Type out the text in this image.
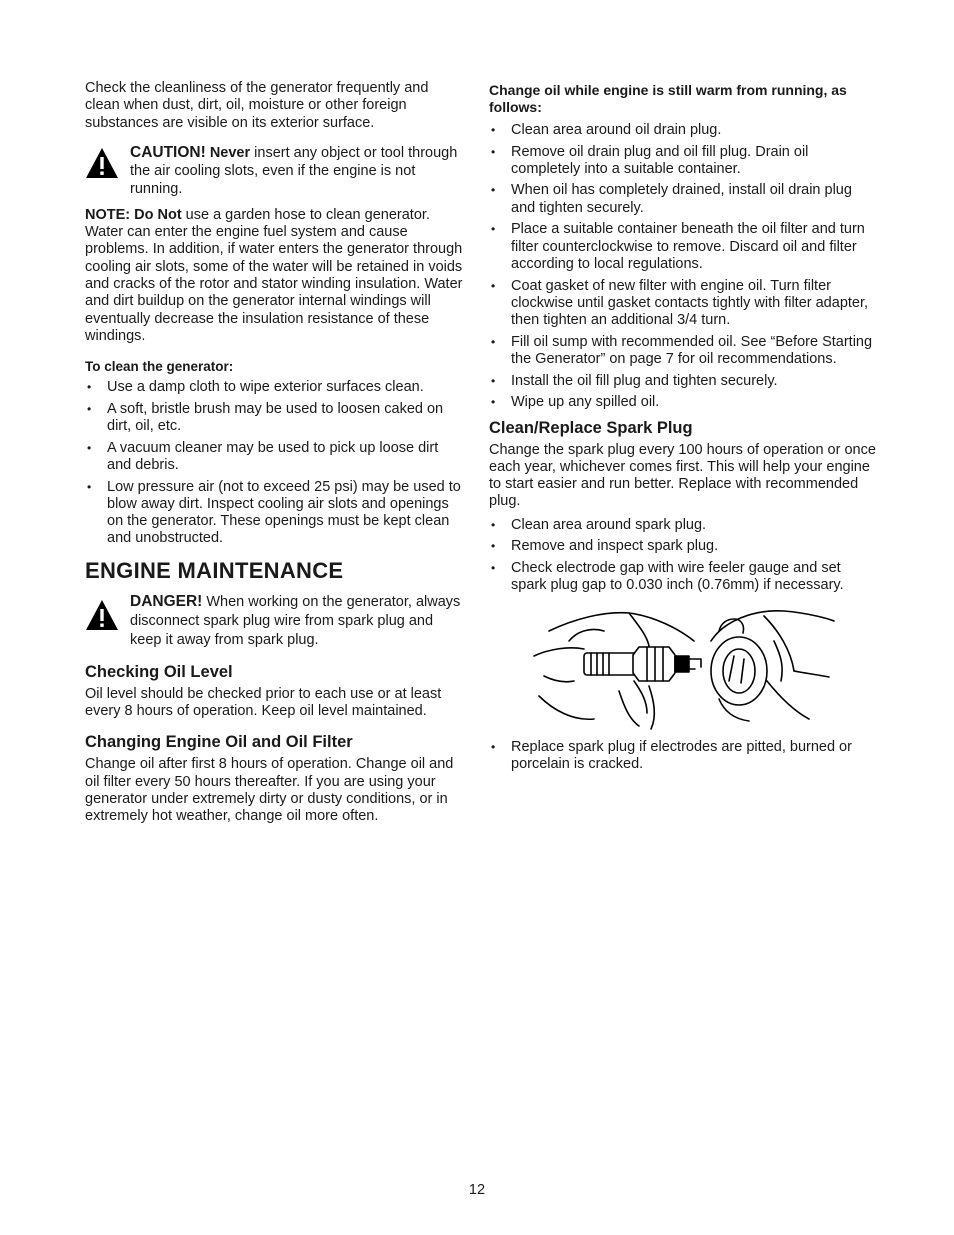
Check the cleanliness of the generator frequently and clean when dust, dirt, oil, moisture or other foreign substances are visible on its exterior surface.

CAUTION! Never insert any object or tool through the air cooling slots, even if the engine is not running.

NOTE: Do Not use a garden hose to clean generator. Water can enter the engine fuel system and cause problems. In addition, if water enters the generator through cooling air slots, some of the water will be retained in voids and cracks of the rotor and stator winding insulation. Water and dirt buildup on the generator internal windings will eventually decrease the insulation resistance of these windings.

To clean the generator:
• Use a damp cloth to wipe exterior surfaces clean.
• A soft, bristle brush may be used to loosen caked on dirt, oil, etc.
• A vacuum cleaner may be used to pick up loose dirt and debris.
• Low pressure air (not to exceed 25 psi) may be used to blow away dirt. Inspect cooling air slots and openings on the generator. These openings must be kept clean and unobstructed.
ENGINE MAINTENANCE

DANGER! When working on the generator, always disconnect spark plug wire from spark plug and keep it away from spark plug.

Checking Oil Level

Oil level should be checked prior to each use or at least every 8 hours of operation. Keep oil level maintained.

Changing Engine Oil and Oil Filter

Change oil after first 8 hours of operation. Change oil and oil filter every 50 hours thereafter. If you are using your generator under extremely dirty or dusty conditions, or in extremely hot weather, change oil more often.

Change oil while engine is still warm from running, as follows:
• Clean area around oil drain plug.
• Remove oil drain plug and oil fill plug. Drain oil completely into a suitable container.
• When oil has completely drained, install oil drain plug and tighten securely.
• Place a suitable container beneath the oil filter and turn filter counterclockwise to remove. Discard oil and filter according to local regulations.
• Coat gasket of new filter with engine oil. Turn filter clockwise until gasket contacts tightly with filter adapter, then tighten an additional 3/4 turn.
• Fill oil sump with recommended oil. See “Before Starting the Generator” on page 7 for oil recommendations.
• Install the oil fill plug and tighten securely.
• Wipe up any spilled oil.
Clean/Replace Spark Plug

Change the spark plug every 100 hours of operation or once each year, whichever comes first. This will help your engine to start easier and run better. Replace with recommended plug.

• Clean area around spark plug.
• Remove and inspect spark plug.
• Check electrode gap with wire feeler gauge and set spark plug gap to 0.030 inch (0.76mm) if necessary.
• Replace spark plug if electrodes are pitted, burned or porcelain is cracked.
12
